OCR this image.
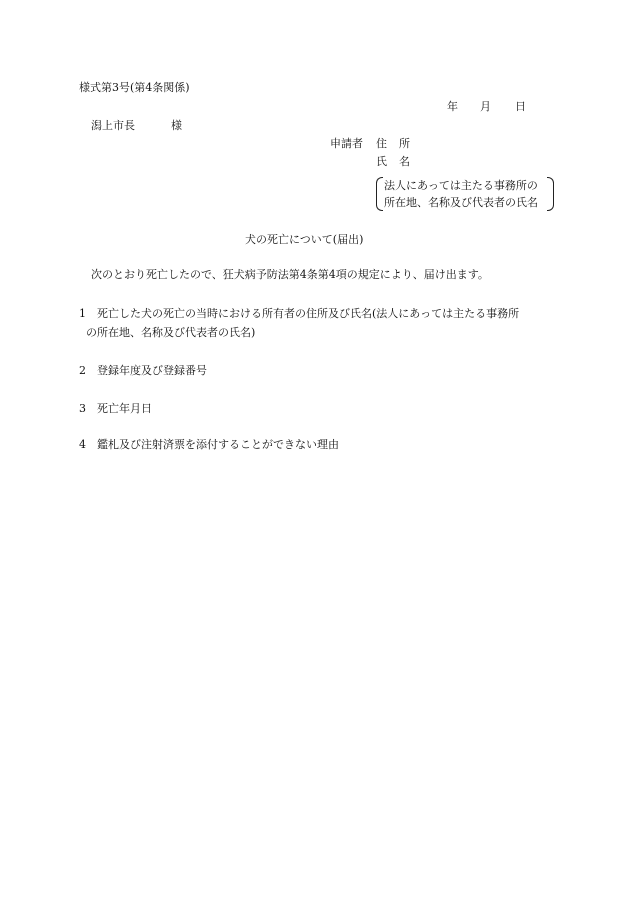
様式第3号(第4条関係)
年 月 日
潟上市長	様
申請者 住所
氏名
法人にあっては主たる事務所の
所在地、名称及び代表者の氏名
犬の死亡について(届出)
次のとおり死亡したので、狂犬病予防法第4条第4項の規定により、届け出ます。
1 死亡した犬の死亡の当時における所有者の住所及び氏名(法人にあっては主たる事務所
の所在地、名称及び代表者の氏名)
2 登録年度及び登録番号
3 死亡年月日
4 鑑札及び注射済票を添付することができない理由
